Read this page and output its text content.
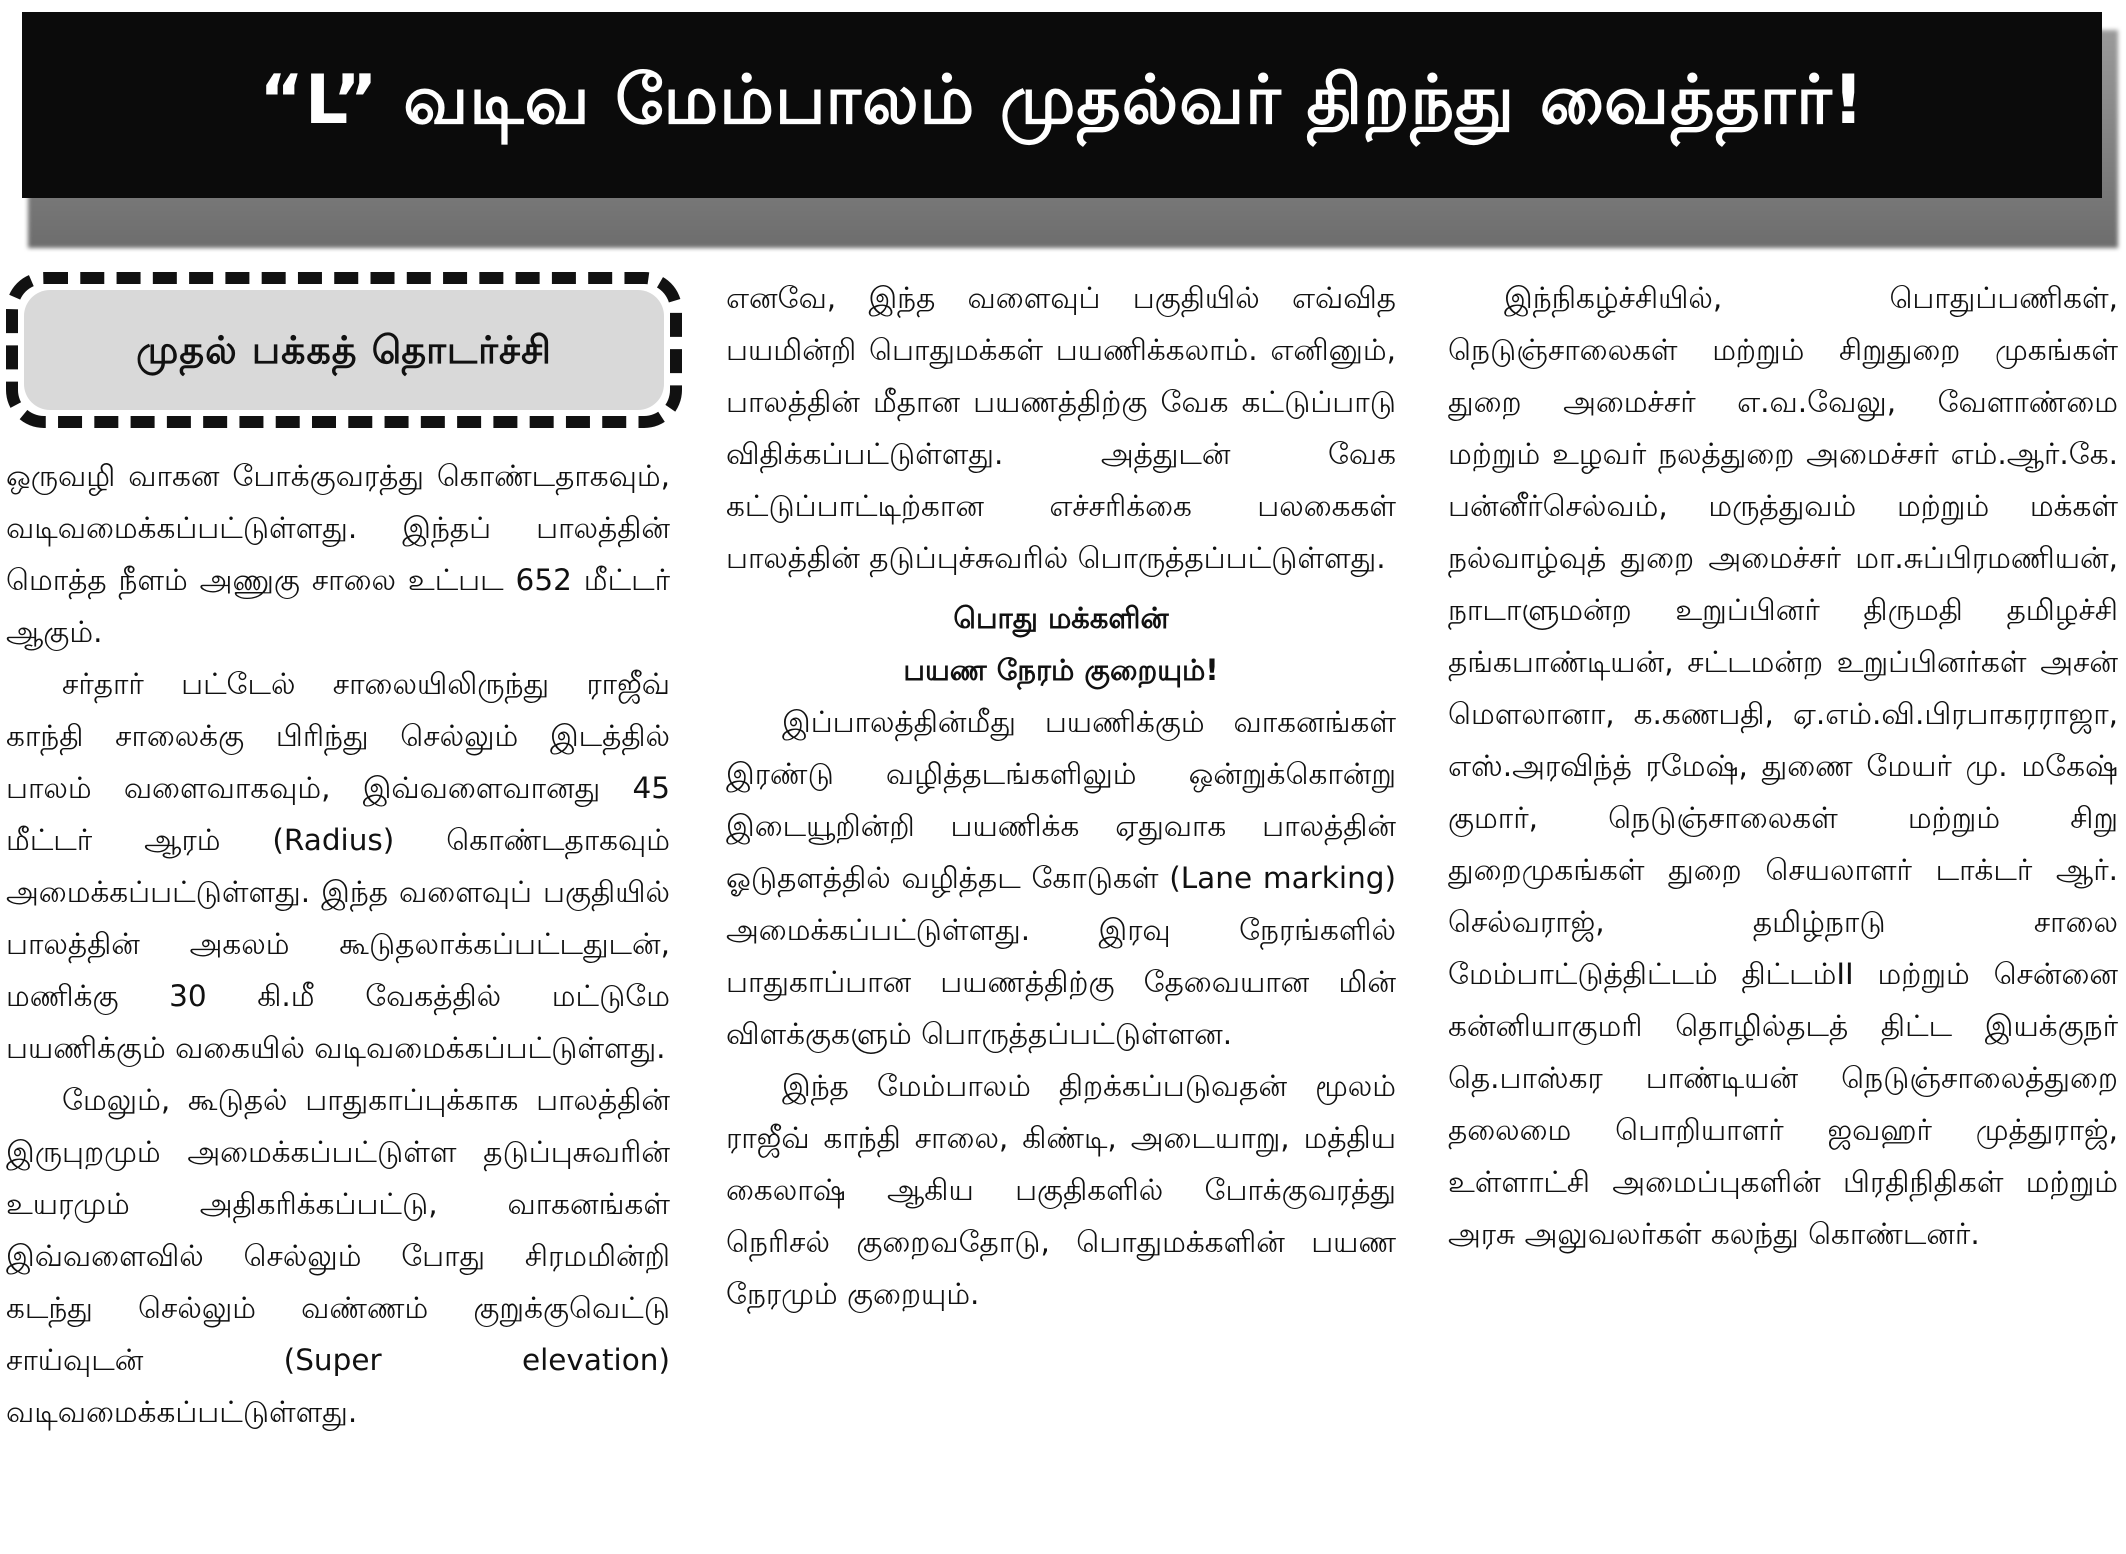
“L” வடிவ மேம்பாலம் முதல்வர் திறந்து வைத்தார்!
முதல் பக்கத் தொடர்ச்சி

ஒருவழி வாகன போக்குவரத்து கொண்டதாகவும், வடிவமைக்கப்பட்டுள்ளது. இந்தப் பாலத்தின் மொத்த நீளம் அணுகு சாலை உட்பட 652 மீட்டர் ஆகும்.

சர்தார் பட்டேல் சாலையிலிருந்து ராஜீவ் காந்தி சாலைக்கு பிரிந்து செல்லும் இடத்தில் பாலம் வளைவாகவும், இவ்வளைவானது 45 மீட்டர் ஆரம் (Radius) கொண்டதாகவும் அமைக்கப்பட்டுள்ளது. இந்த வளைவுப் பகுதியில் பாலத்தின் அகலம் கூடுதலாக்கப்பட்டதுடன், மணிக்கு 30 கி.மீ வேகத்தில் மட்டுமே பயணிக்கும் வகையில் வடிவமைக்கப்பட்டுள்ளது.

மேலும், கூடுதல் பாதுகாப்புக்காக பாலத்தின் இருபுறமும் அமைக்கப்பட்டுள்ள தடுப்புசுவரின் உயரமும் அதிகரிக்கப்பட்டு, வாகனங்கள் இவ்வளைவில் செல்லும் போது சிரமமின்றி கடந்து செல்லும் வண்ணம் குறுக்குவெட்டு சாய்வுடன் (Super elevation) வடிவமைக்கப்பட்டுள்ளது.

எனவே, இந்த வளைவுப் பகுதியில் எவ்வித பயமின்றி பொதுமக்கள் பயணிக்கலாம். எனினும், பாலத்தின் மீதான பயணத்திற்கு வேக கட்டுப்பாடு விதிக்கப்பட்டுள்ளது. அத்துடன் வேக கட்டுப்பாட்டிற்கான எச்சரிக்கை பலகைகள் பாலத்தின் தடுப்புச்சுவரில் பொருத்தப்பட்டுள்ளது.

பொது மக்களின்
பயண நேரம் குறையும்!

இப்பாலத்தின்மீது பயணிக்கும் வாகனங்கள் இரண்டு வழித்தடங்களிலும் ஒன்றுக்கொன்று இடையூறின்றி பயணிக்க ஏதுவாக பாலத்தின் ஓடுதளத்தில் வழித்தட கோடுகள் (Lane marking) அமைக்கப்பட்டுள்ளது. இரவு நேரங்களில் பாதுகாப்பான பயணத்திற்கு தேவையான மின் விளக்குகளும் பொருத்தப்பட்டுள்ளன.

இந்த மேம்பாலம் திறக்கப்படுவதன் மூலம் ராஜீவ் காந்தி சாலை, கிண்டி, அடையாறு, மத்திய கைலாஷ் ஆகிய பகுதிகளில் போக்குவரத்து நெரிசல் குறைவதோடு, பொதுமக்களின் பயண நேரமும் குறையும்.

இந்நிகழ்ச்சியில், பொதுப்பணிகள், நெடுஞ்சாலைகள் மற்றும் சிறுதுறை முகங்கள் துறை அமைச்சர் எ.வ.வேலு, வேளாண்மை மற்றும் உழவர் நலத்துறை அமைச்சர் எம்.ஆர்.கே. பன்னீர்செல்வம், மருத்துவம் மற்றும் மக்கள் நல்வாழ்வுத் துறை அமைச்சர் மா.சுப்பிரமணியன், நாடாளுமன்ற உறுப்பினர் திருமதி தமிழச்சி தங்கபாண்டியன், சட்டமன்ற உறுப்பினர்கள் அசன் மௌலானா, க.கணபதி, ஏ.எம்.வி.பிரபாகரராஜா, எஸ்.அரவிந்த் ரமேஷ், துணை மேயர் மு. மகேஷ் குமார், நெடுஞ்சாலைகள் மற்றும் சிறு துறைமுகங்கள் துறை செயலாளர் டாக்டர் ஆர். செல்வராஜ், தமிழ்நாடு சாலை மேம்பாட்டுத்திட்டம் திட்டம்II மற்றும் சென்னை கன்னியாகுமரி தொழில்தடத் திட்ட இயக்குநர் தெ.பாஸ்கர பாண்டியன் நெடுஞ்சாலைத்துறை தலைமை பொறியாளர் ஜவஹர் முத்துராஜ், உள்ளாட்சி அமைப்புகளின் பிரதிநிதிகள் மற்றும் அரசு அலுவலர்கள் கலந்து கொண்டனர்.
